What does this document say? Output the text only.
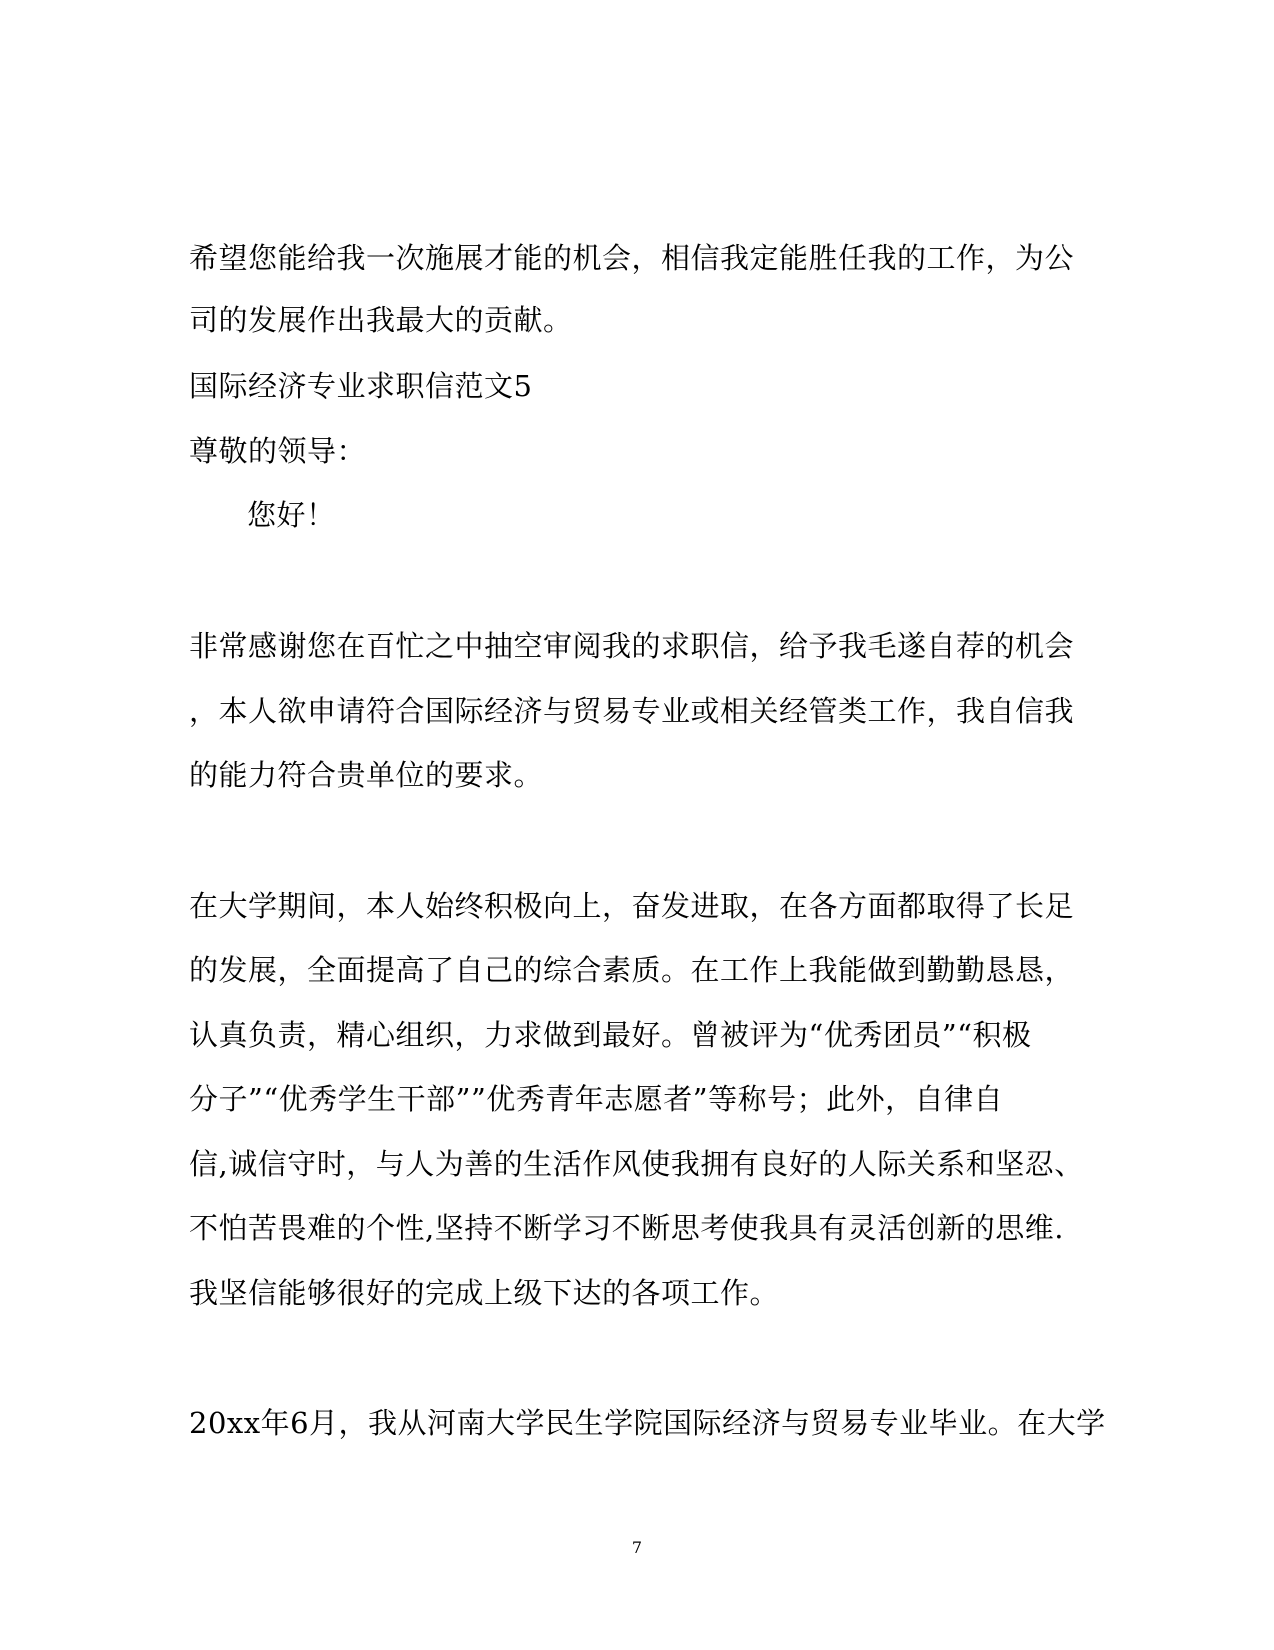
希望您能给我一次施展才能的机会，相信我定能胜任我的工作，为公
司的发展作出我最大的贡献。
国际经济专业求职信范文5
尊敬的领导：
您好！
非常感谢您在百忙之中抽空审阅我的求职信，给予我毛遂自荐的机会
，本人欲申请符合国际经济与贸易专业或相关经管类工作，我自信我
的能力符合贵单位的要求。
在大学期间，本人始终积极向上，奋发进取，在各方面都取得了长足
的发展，全面提高了自己的综合素质。在工作上我能做到勤勤恳恳，
认真负责，精心组织，力求做到最好。曾被评为“优秀团员”“积极
分子”“优秀学生干部””优秀青年志愿者”等称号；此外，自律自
信,诚信守时，与人为善的生活作风使我拥有良好的人际关系和坚忍、
不怕苦畏难的个性,坚持不断学习不断思考使我具有灵活创新的思维.
我坚信能够很好的完成上级下达的各项工作。
20xx年6月，我从河南大学民生学院国际经济与贸易专业毕业。在大学
7
